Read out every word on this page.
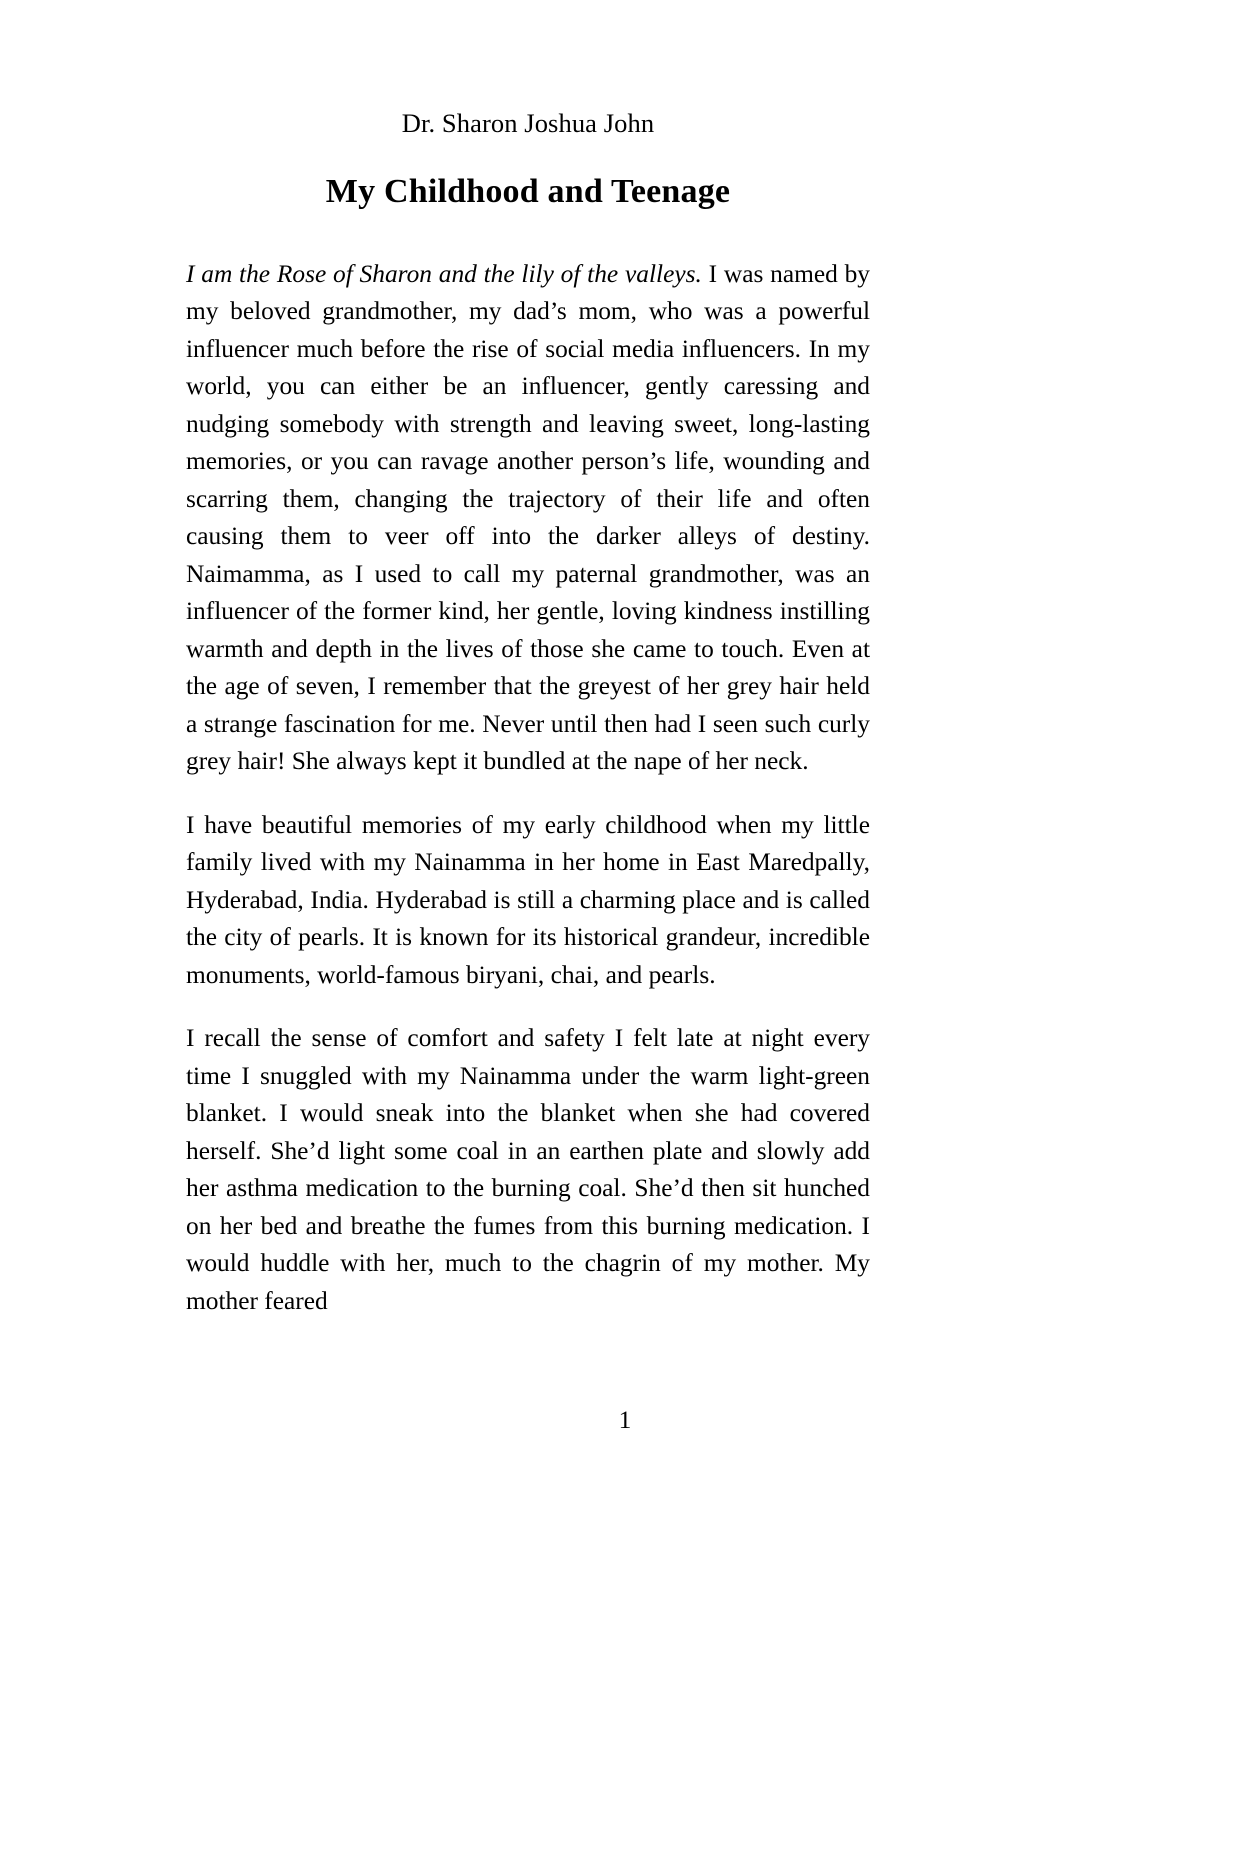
Dr. Sharon Joshua John
My Childhood and Teenage

I am the Rose of Sharon and the lily of the valleys. I was named by my beloved grandmother, my dad’s mom, who was a powerful influencer much before the rise of social media influencers. In my world, you can either be an influencer, gently caressing and nudging somebody with strength and leaving sweet, long-lasting memories, or you can ravage another person’s life, wounding and scarring them, changing the trajectory of their life and often causing them to veer off into the darker alleys of destiny. Naimamma, as I used to call my paternal grandmother, was an influencer of the former kind, her gentle, loving kindness instilling warmth and depth in the lives of those she came to touch. Even at the age of seven, I remember that the greyest of her grey hair held a strange fascination for me. Never until then had I seen such curly grey hair! She always kept it bundled at the nape of her neck.

I have beautiful memories of my early childhood when my little family lived with my Nainamma in her home in East Maredpally, Hyderabad, India. Hyderabad is still a charming place and is called the city of pearls. It is known for its historical grandeur, incredible monuments, world-famous biryani, chai, and pearls.

I recall the sense of comfort and safety I felt late at night every time I snuggled with my Nainamma under the warm light-green blanket. I would sneak into the blanket when she had covered herself. She’d light some coal in an earthen plate and slowly add her asthma medication to the burning coal. She’d then sit hunched on her bed and breathe the fumes from this burning medication. I would huddle with her, much to the chagrin of my mother. My mother feared

1
